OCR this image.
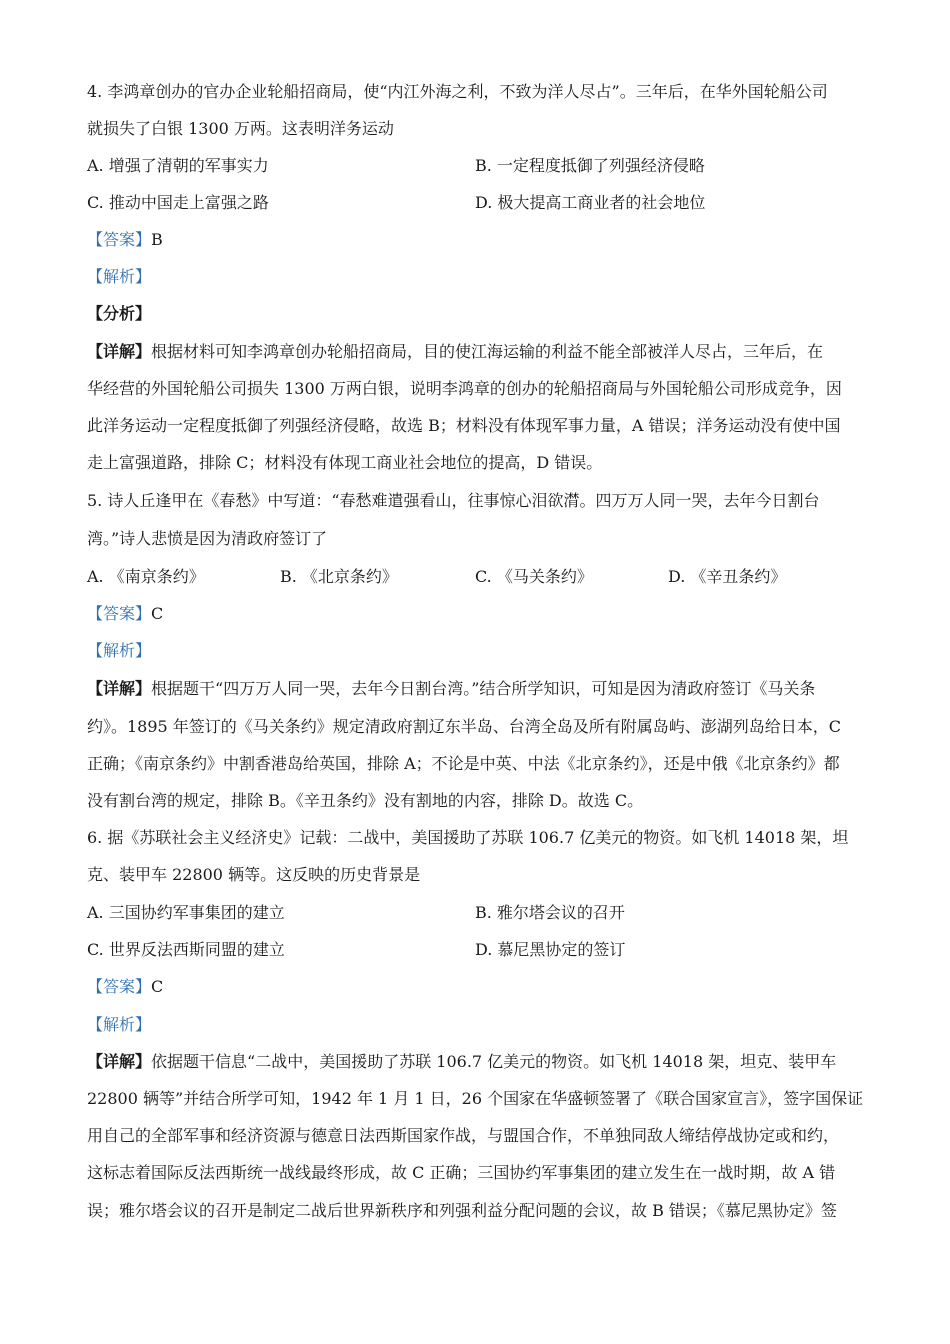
4. 李鸿章创办的官办企业轮船招商局，使“内江外海之利，不致为洋人尽占”。三年后，在华外国轮船公司
就损失了白银 1300 万两。这表明洋务运动
A. 增强了清朝的军事实力	B. 一定程度抵御了列强经济侵略
C. 推动中国走上富强之路	D. 极大提高工商业者的社会地位
【答案】B
【解析】
【分析】
【详解】根据材料可知李鸿章创办轮船招商局，目的使江海运输的利益不能全部被洋人尽占，三年后，在
华经营的外国轮船公司损失 1300 万两白银，说明李鸿章的创办的轮船招商局与外国轮船公司形成竞争，因
此洋务运动一定程度抵御了列强经济侵略，故选 B；材料没有体现军事力量，A 错误；洋务运动没有使中国
走上富强道路，排除 C；材料没有体现工商业社会地位的提高，D 错误。
5. 诗人丘逢甲在《春愁》中写道：“春愁难遣强看山，往事惊心泪欲潸。四万万人同一哭，去年今日割台
湾。”诗人悲愤是因为清政府签订了
A. 《南京条约》	B. 《北京条约》	C. 《马关条约》	D. 《辛丑条约》
【答案】C
【解析】
【详解】根据题干“四万万人同一哭，去年今日割台湾。”结合所学知识，可知是因为清政府签订《马关条
约》。1895 年签订的《马关条约》规定清政府割辽东半岛、台湾全岛及所有附属岛屿、澎湖列岛给日本，C
正确；《南京条约》中割香港岛给英国，排除 A；不论是中英、中法《北京条约》，还是中俄《北京条约》都
没有割台湾的规定，排除 B。《辛丑条约》没有割地的内容，排除 D。故选 C。
6. 据《苏联社会主义经济史》记载：二战中，美国援助了苏联 106.7 亿美元的物资。如飞机 14018 架，坦
克、装甲车 22800 辆等。这反映的历史背景是
A. 三国协约军事集团的建立	B. 雅尔塔会议的召开
C. 世界反法西斯同盟的建立	D. 慕尼黑协定的签订
【答案】C
【解析】
【详解】依据题干信息“二战中，美国援助了苏联 106.7 亿美元的物资。如飞机 14018 架，坦克、装甲车
22800 辆等”并结合所学可知，1942 年 1 月 1 日，26 个国家在华盛顿签署了《联合国家宣言》，签字国保证
用自己的全部军事和经济资源与德意日法西斯国家作战，与盟国合作，不单独同敌人缔结停战协定或和约，
这标志着国际反法西斯统一战线最终形成，故 C 正确；三国协约军事集团的建立发生在一战时期，故 A 错
误；雅尔塔会议的召开是制定二战后世界新秩序和列强利益分配问题的会议，故 B 错误；《慕尼黑协定》签
